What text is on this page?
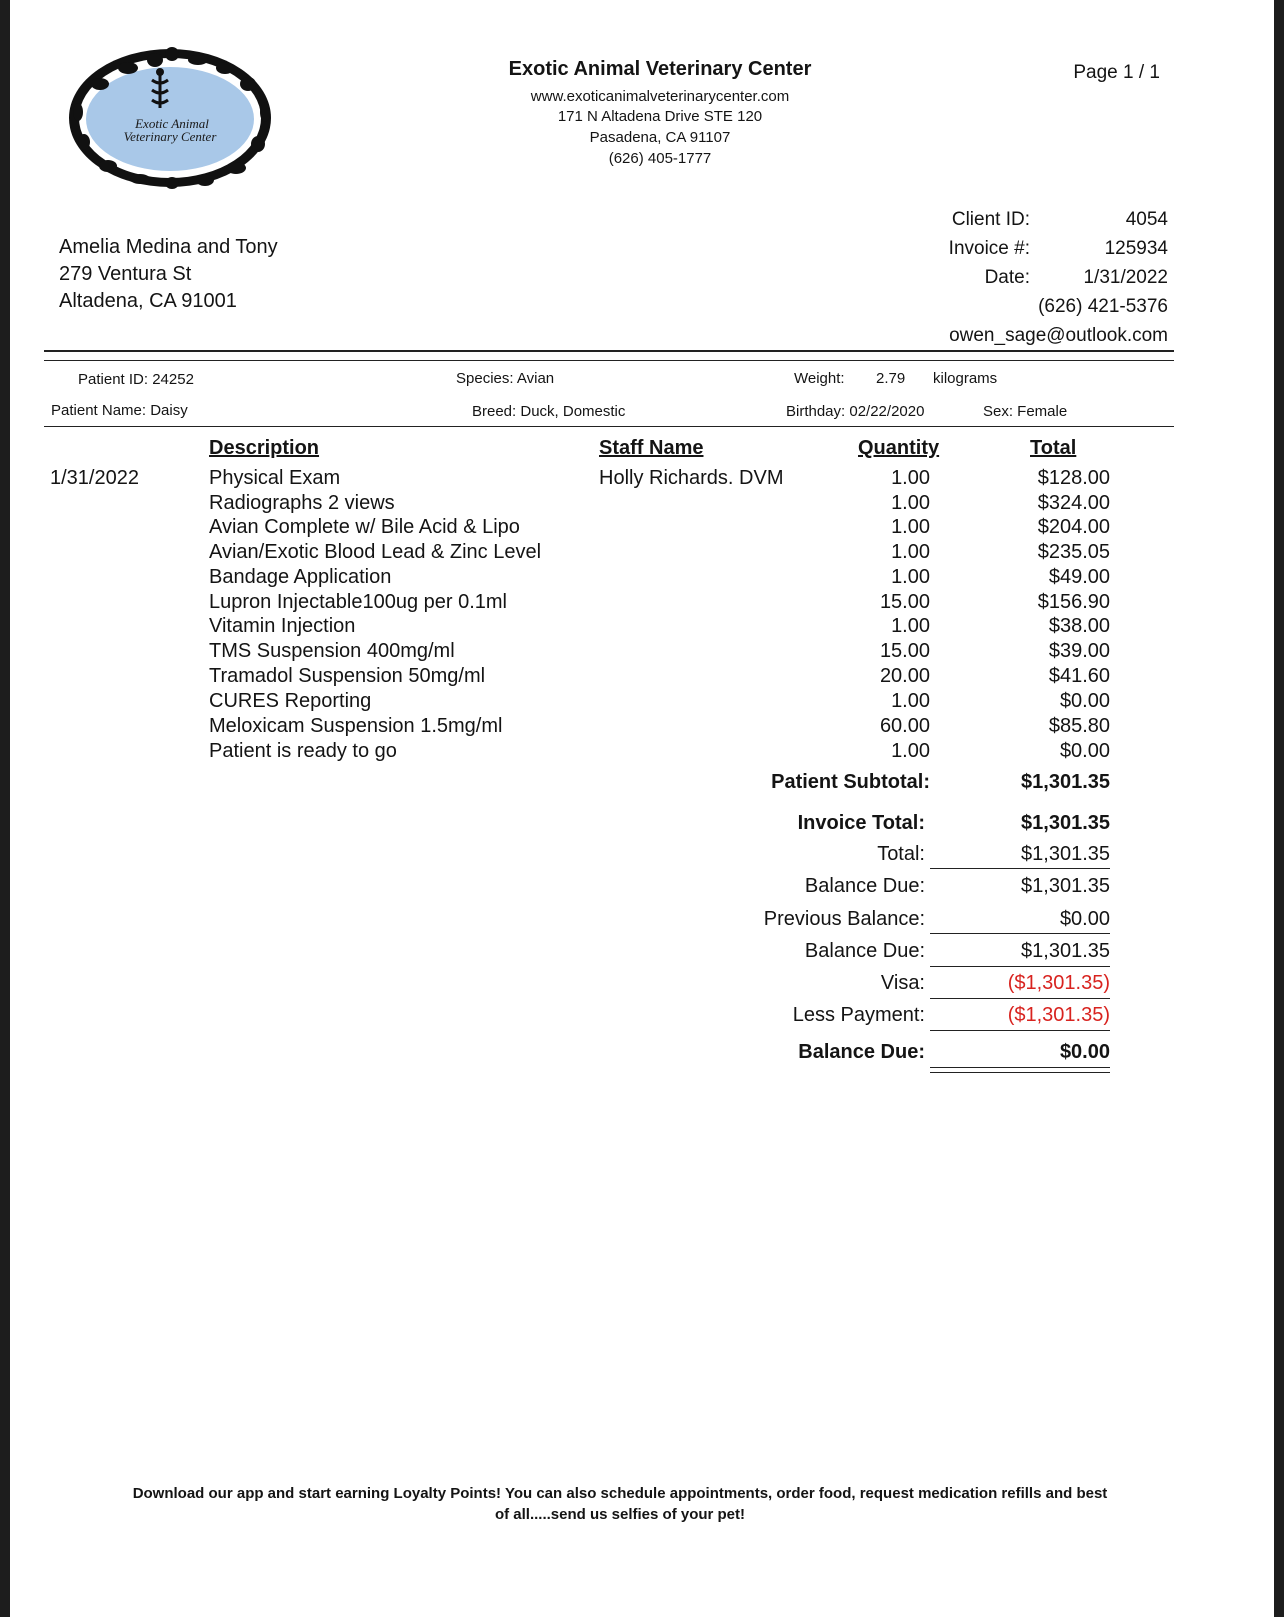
Exotic Animal
Veterinary Center
Exotic Animal Veterinary Center
www.exoticanimalveterinarycenter.com
171 N Altadena Drive STE 120
Pasadena, CA 91107
(626) 405-1777
Page 1 / 1
Amelia Medina and Tony
279 Ventura St
Altadena, CA 91001
Client ID:	4054
Invoice #:	125934
Date:	1/31/2022
(626) 421-5376
owen_sage@outlook.com
Patient ID: 24252	Species: Avian	Weight: 2.79 kilograms
Patient Name: Daisy	Breed: Duck, Domestic	Birthday: 02/22/2020	Sex: Female
Description	Staff Name	Quantity	Total
1/31/2022	Physical Exam	Holly Richards. DVM	1.00	$128.00
Radiographs 2 views	1.00	$324.00
Avian Complete w/ Bile Acid & Lipo	1.00	$204.00
Avian/Exotic Blood Lead & Zinc Level	1.00	$235.05
Bandage Application	1.00	$49.00
Lupron Injectable100ug per 0.1ml	15.00	$156.90
Vitamin Injection	1.00	$38.00
TMS Suspension 400mg/ml	15.00	$39.00
Tramadol Suspension 50mg/ml	20.00	$41.60
CURES Reporting	1.00	$0.00
Meloxicam Suspension 1.5mg/ml	60.00	$85.80
Patient is ready to go	1.00	$0.00
Patient Subtotal:	$1,301.35
Invoice Total:	$1,301.35
Total:	$1,301.35
Balance Due:	$1,301.35
Previous Balance:	$0.00
Balance Due:	$1,301.35
Visa:	($1,301.35)
Less Payment:	($1,301.35)
Balance Due:	$0.00
Download our app and start earning Loyalty Points! You can also schedule appointments, order food, request medication refills and best
of all.....send us selfies of your pet!
